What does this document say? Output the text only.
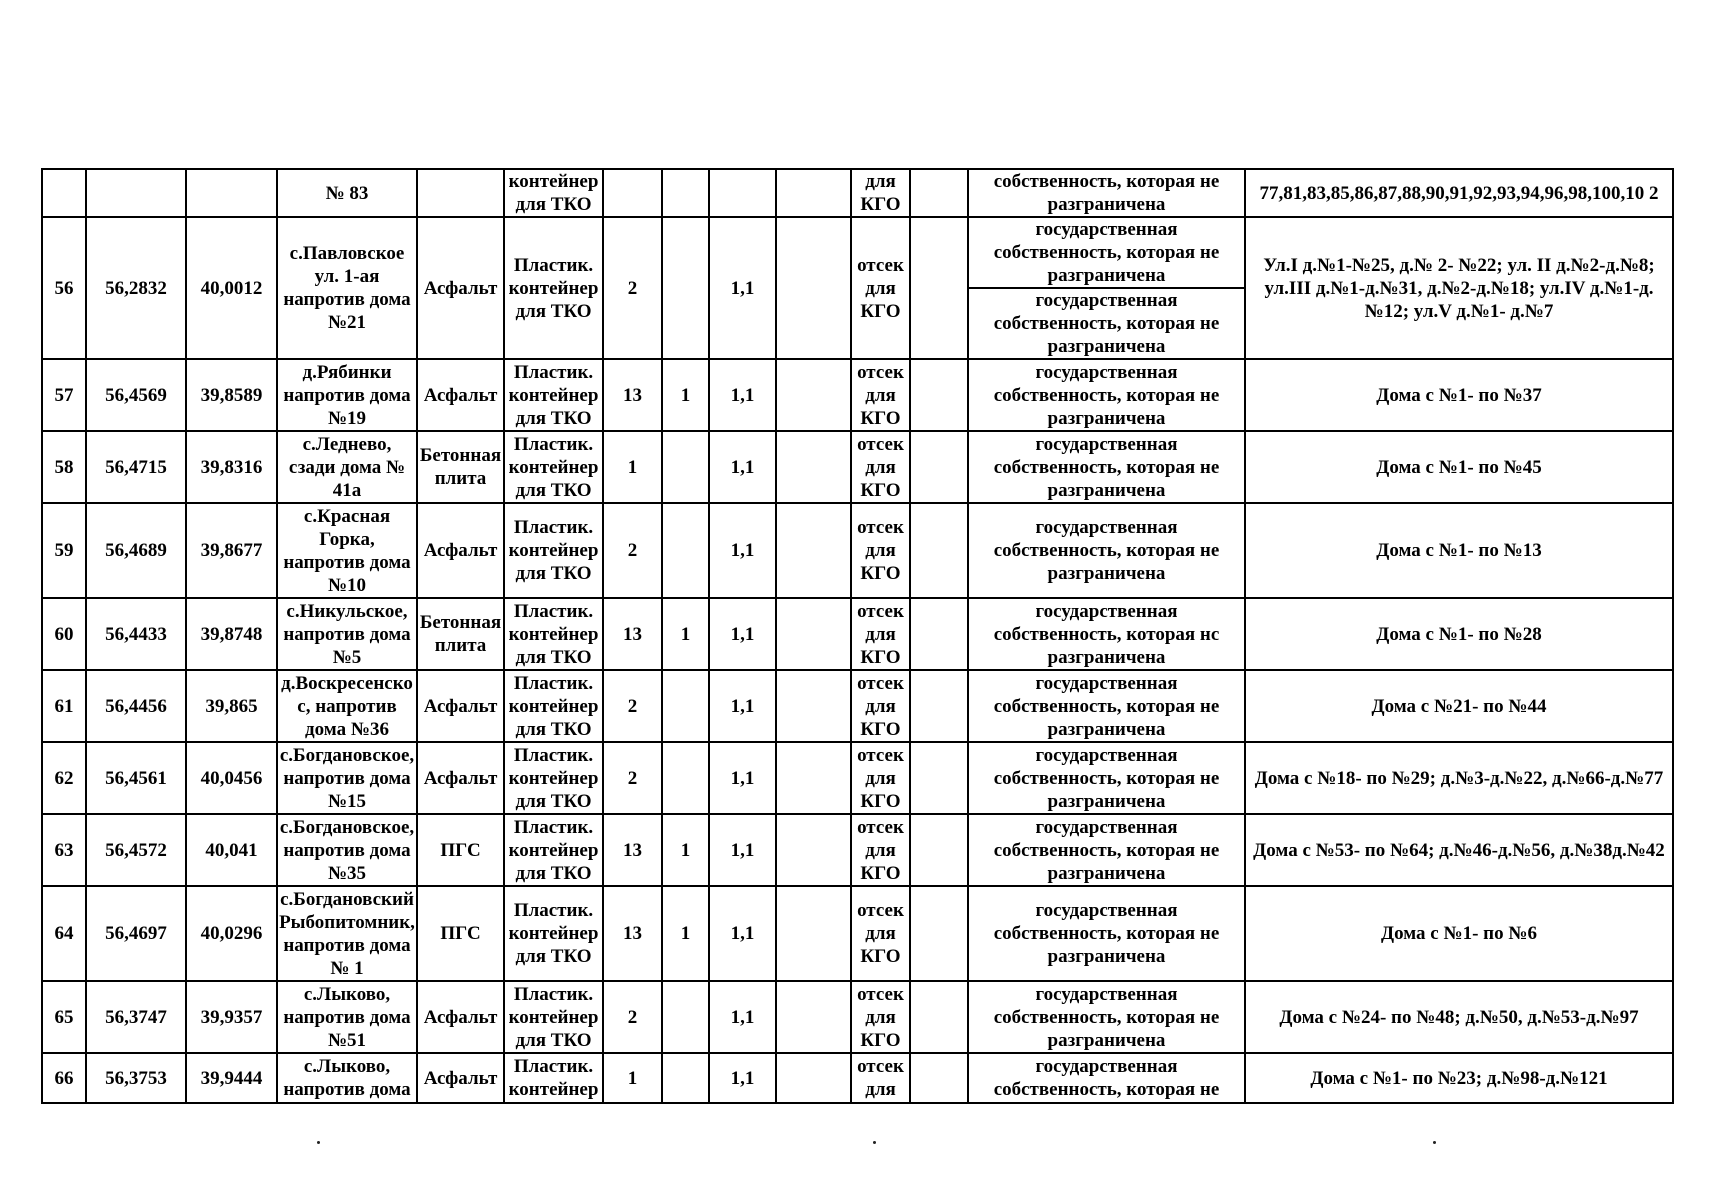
			№ 83		контейнер для ТКО					для КГО		собственность, которая не разграничена	77,81,83,85,86,87,88,90,91,92,93,94,96,98,100,10 2
56	56,2832	40,0012	с.Павловское ул. 1-ая напротив дома №21	Асфальт	Пластик. контейнер для ТКО	2		1,1		отсек для КГО		государственная собственность, которая не разграничена	Ул.I д.№1-№25, д.№ 2- №22; ул. II д.№2-д.№8; ул.III д.№1-д.№31, д.№2-д.№18; ул.IV д.№1-д.№12; ул.V д.№1- д.№7
												государственная собственность, которая не разграничена	
57	56,4569	39,8589	д.Рябинки напротив дома №19	Асфальт	Пластик. контейнер для ТКО	13	1	1,1		отсек для КГО		государственная собственность, которая не разграничена	Дома с №1- по №37
58	56,4715	39,8316	с.Леднево, сзади дома № 41а	Бетонная плита	Пластик. контейнер для ТКО	1		1,1		отсек для КГО		государственная собственность, которая не разграничена	Дома с №1- по №45
59	56,4689	39,8677	с.Красная Горка, напротив дома №10	Асфальт	Пластик. контейнер для ТКО	2		1,1		отсек для КГО		государственная собственность, которая не разграничена	Дома с №1- по №13
60	56,4433	39,8748	с.Никульское, напротив дома №5	Бетонная плита	Пластик. контейнер для ТКО	13	1	1,1		отсек для КГО		государственная собственность, которая нс разграничена	Дома с №1- по №28
61	56,4456	39,865	д.Воскресенско с, напротив дома №36	Асфальт	Пластик. контейнер для ТКО	2		1,1		отсек для КГО		государственная собственность, которая не разграничена	Дома с №21- по №44
62	56,4561	40,0456	с.Богдановское, напротив дома №15	Асфальт	Пластик. контейнер для ТКО	2		1,1		отсек для КГО		государственная собственность, которая не разграничена	Дома с №18- по №29; д.№3-д.№22, д.№66-д.№77
63	56,4572	40,041	с.Богдановское, напротив дома №35	ПГС	Пластик. контейнер для ТКО	13	1	1,1		отсек для КГО		государственная собственность, которая не разграничена	Дома с №53- по №64; д.№46-д.№56, д.№38д.№42
64	56,4697	40,0296	с.Богдановский Рыбопитомник, напротив дома № 1	ПГС	Пластик. контейнер для ТКО	13	1	1,1		отсек для КГО		государственная собственность, которая не разграничена	Дома с №1- по №6
65	56,3747	39,9357	с.Лыково, напротив дома №51	Асфальт	Пластик. контейнер для ТКО	2		1,1		отсек для КГО		государственная собственность, которая не разграничена	Дома с №24- по №48; д.№50, д.№53-д.№97
66	56,3753	39,9444	с.Лыково, напротив дома	Асфальт	Пластик. контейнер	1		1,1		отсек для		государственная собственность, которая не	Дома с №1- по №23; д.№98-д.№121
